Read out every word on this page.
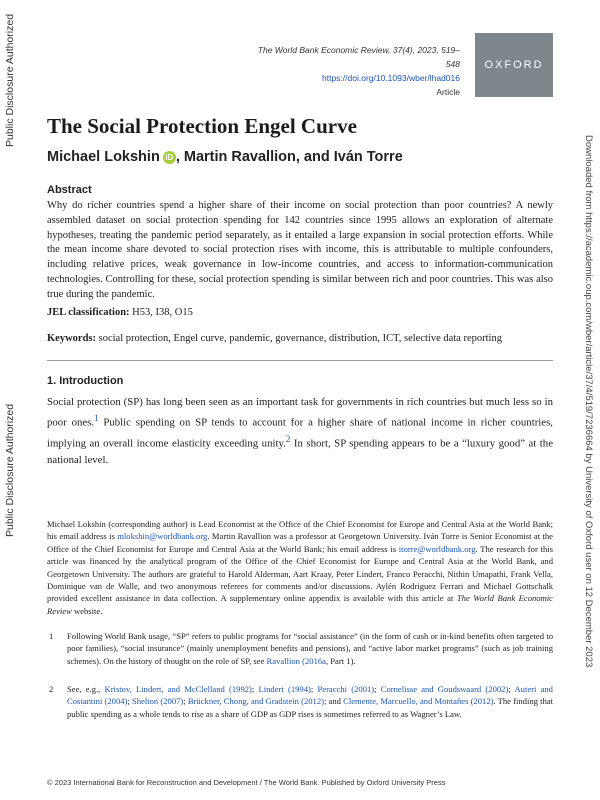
Public Disclosure Authorized
Public Disclosure Authorized	Downloaded from https://academic.oup.com/wber/article/37/4/519/7236664 by University of Oxford user on 12 December 2023
The World Bank Economic Review, 37(4), 2023, 519–548
https://doi.org/10.1093/wber/lhad016
Article
OXFORD
The Social Protection Engel Curve
Michael Lokshin iD , Martin Ravallion, and Iván Torre
Abstract

Why do richer countries spend a higher share of their income on social protection than poor countries? A newly assembled dataset on social protection spending for 142 countries since 1995 allows an exploration of alternate hypotheses, treating the pandemic period separately, as it entailed a large expansion in social protection efforts. While the mean income share devoted to social protection rises with income, this is attributable to multiple confounders, including relative prices, weak governance in low-income countries, and access to information-communication technologies. Controlling for these, social protection spending is similar between rich and poor countries. This was also true during the pandemic.

JEL classification: H53, I38, O15
Keywords: social protection, Engel curve, pandemic, governance, distribution, ICT, selective data reporting
1. Introduction

Social protection (SP) has long been seen as an important task for governments in rich countries but much less so in poor ones.$^1$ Public spending on SP tends to account for a higher share of national income in richer countries, implying an overall income elasticity exceeding unity.$^2$ In short, SP spending appears to be a “luxury good” at the national level.

Michael Lokshin (corresponding author) is Lead Economist at the Office of the Chief Economist for Europe and Central Asia at the World Bank; his email address is mlokshin@worldbank.org. Martin Ravallion was a professor at Georgetown University. Iván Torre is Senior Economist at the Office of the Chief Economist for Europe and Central Asia at the World Bank; his email address is itorre@worldbank.org. The research for this article was financed by the analytical program of the Office of the Chief Economist for Europe and Central Asia at the World Bank, and Georgetown University. The authors are grateful to Harold Alderman, Aart Kraay, Peter Lindert, Franco Peracchi, Nithin Umapathi, Frank Vella, Dominique van de Walle, and two anonymous referees for comments and/or discussions. Aylén Rodriguez Ferrari and Michael Gottschalk provided excellent assistance in data collection. A supplementary online appendix is available with this article at The World Bank Economic Review website.

1 Following World Bank usage, “SP” refers to public programs for “social assistance” (in the form of cash or in-kind benefits often targeted to poor families), “social insurance” (mainly unemployment benefits and pensions), and “active labor market programs” (such as job training schemes). On the history of thought on the role of SP, see Ravallion (2016a, Part 1).
2 See, e.g., Kristov, Lindert, and McClelland (1992); Lindert (1994); Peracchi (2001); Cornelisse and Goudswaard (2002); Auteri and Costantini (2004); Shelton (2007); Brückner, Chong, and Gradstein (2012); and Clemente, Marcuello, and Montañes (2012). The finding that public spending as a whole tends to rise as a share of GDP as GDP rises is sometimes referred to as Wagner’s Law.
© 2023 International Bank for Reconstruction and Development / The World Bank. Published by Oxford University Press
